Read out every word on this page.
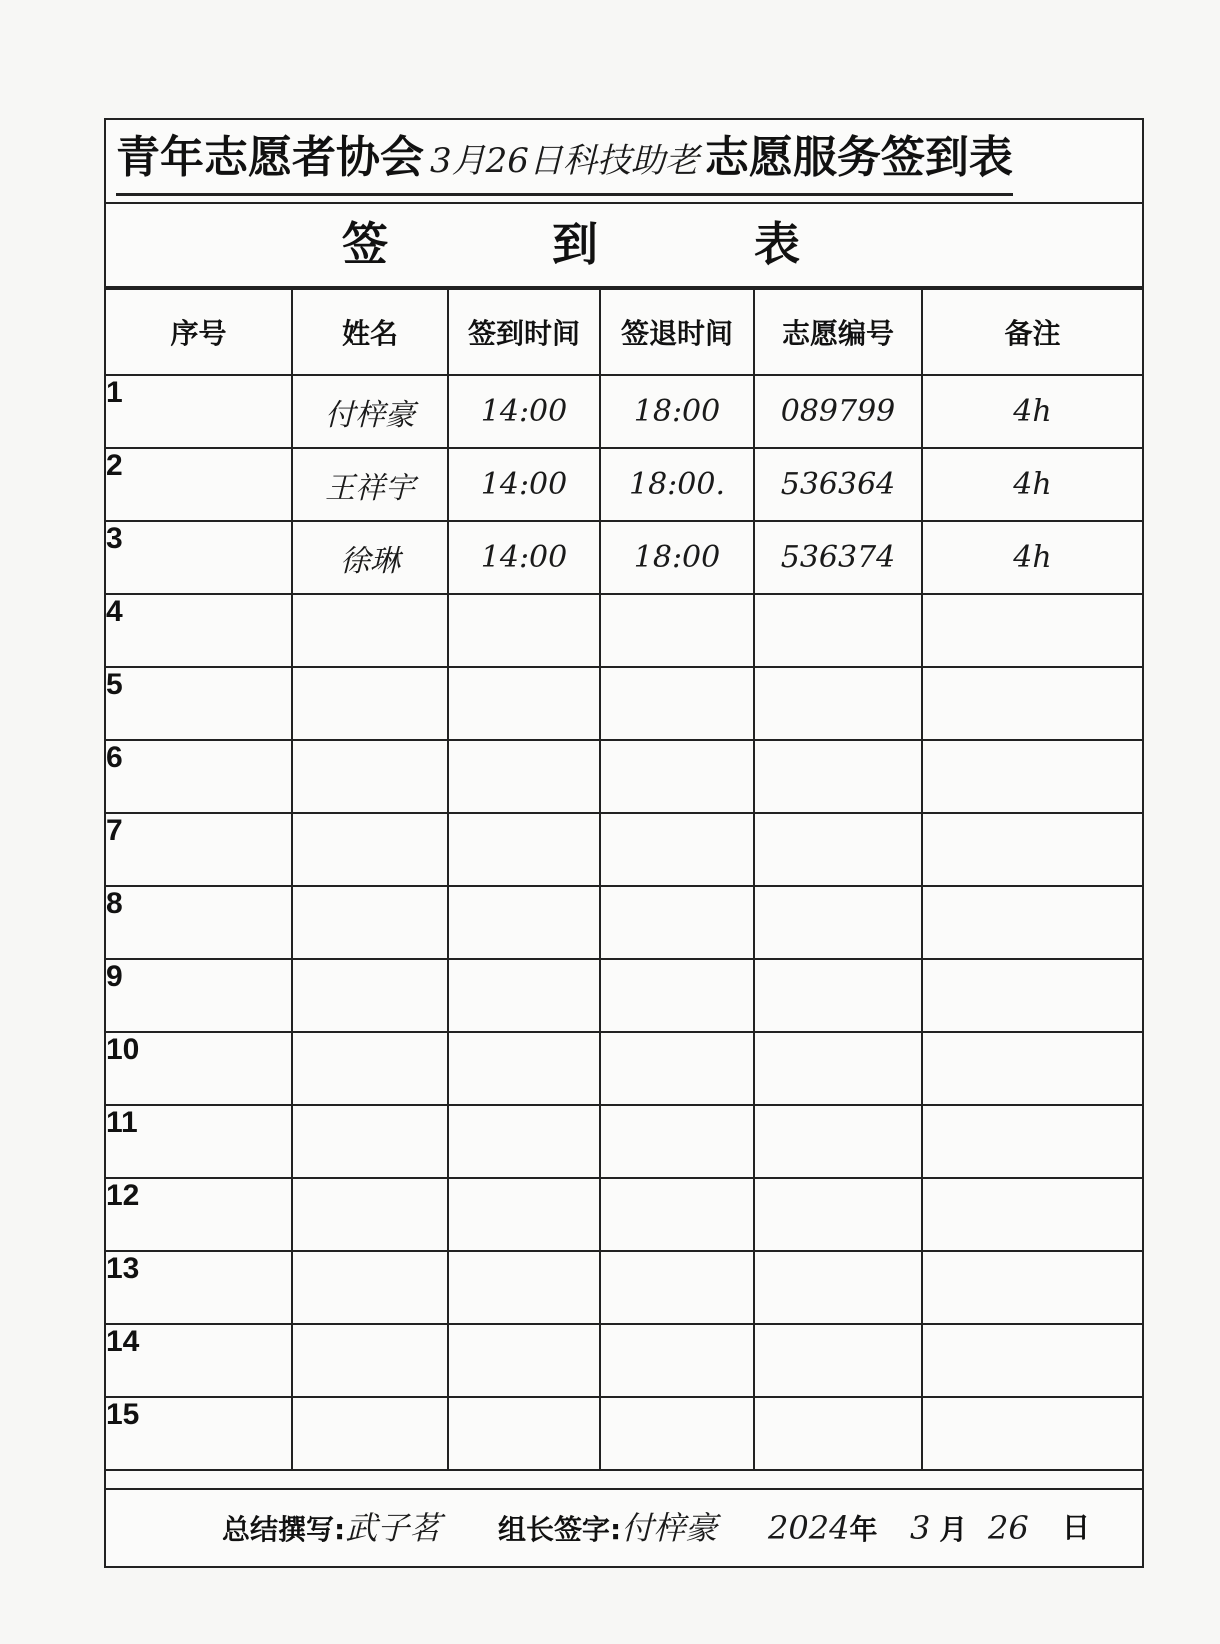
青年志愿者协会 3月26日科技助老 志愿服务签到表
签	到	表
序号	姓名	签到时间	签退时间	志愿编号	备注
1	付梓豪	14:00	18:00	089799	4h
2	王祥宇	14:00	18:00.	536364	4h
3	徐琳	14:00	18:00	536374	4h
4					
5					
6					
7					
8					
9					
10					
11					
12					
13					
14					
15					
总结撰写:武子茗 组长签字:付梓豪 2024年 3 月 26 日
